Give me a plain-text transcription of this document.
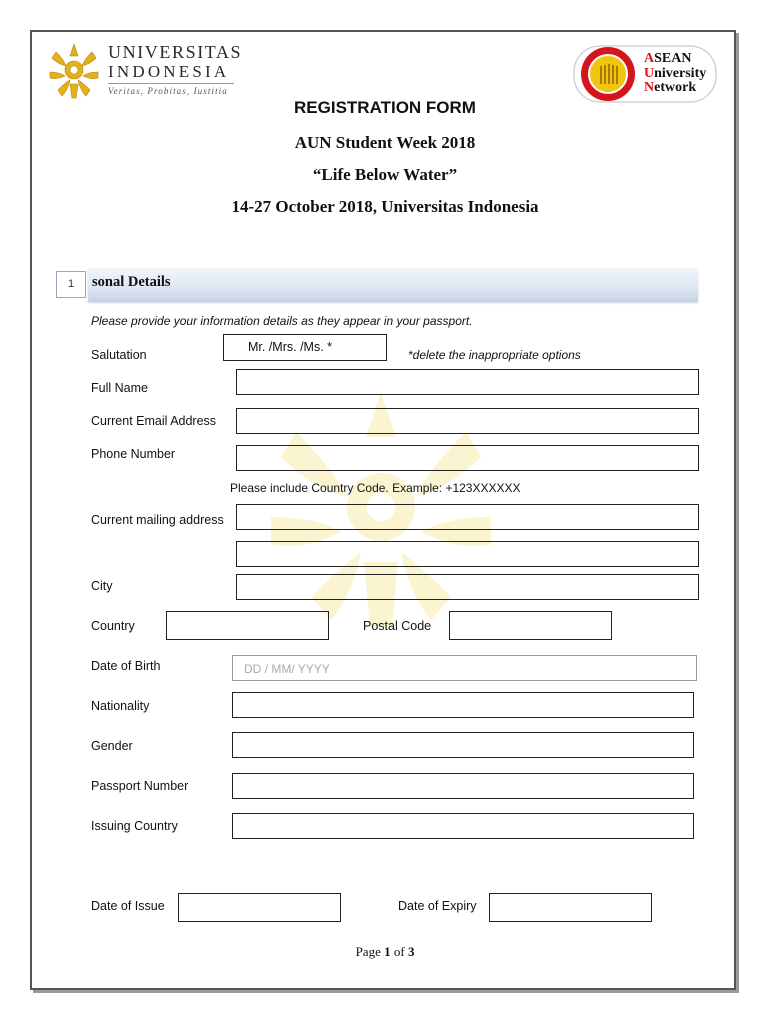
UNIVERSITAS
INDONESIA
Veritas, Probitas, Iustitia
ASEAN
University
Network
REGISTRATION FORM
AUN Student Week 2018
“Life Below Water”
14-27 October 2018, Universitas Indonesia
1	sonal Details
Please provide your information details as they appear in your passport.
Salutation
Mr. /Mrs. /Ms. *
*delete the inappropriate options
Full Name
Current Email Address
Phone Number
Please include Country Code. Example: +123XXXXXX
Current mailing address
City
Country	Postal Code
Date of Birth	DD / MM/ YYYY
Nationality
Gender
Passport Number
Issuing Country
Date of Issue	Date of Expiry
Page 1 of 3
